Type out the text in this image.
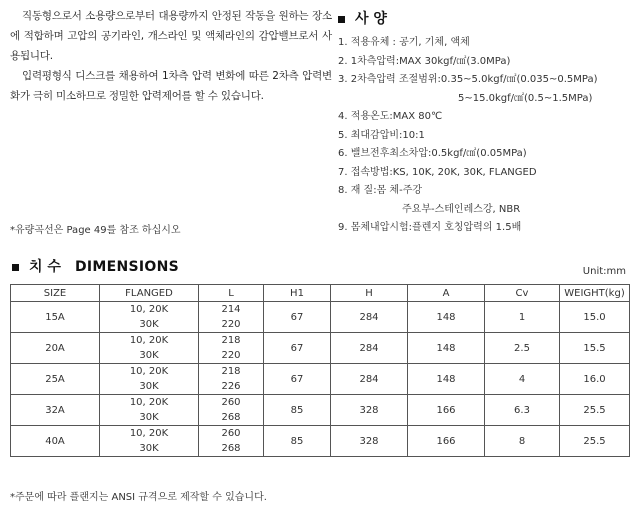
직동형으로서 소용량으로부터 대용량까지 안정된 작동을 원하는 장소에 적합하며 고압의 공기라인, 개스라인 및 액체라인의 감압밸브로서 사용됩니다.

입력평형식 디스크를 채용하여 1차측 압력 변화에 따른 2차측 압력변화가 극히 미소하므로 정밀한 압력제어를 할 수 있습니다.

*유량곡선은 Page 49를 참조 하십시오
사 양
1. 적용유체 : 공기, 기체, 액체
2. 1차측압력:MAX 30kgf/㎠(3.0MPa)
3. 2차측압력 조절범위:0.35~5.0kgf/㎠(0.035~0.5MPa)
5~15.0kgf/㎠(0.5~1.5MPa)
4. 적용온도:MAX 80℃
5. 최대감압비:10:1
6. 밸브전후최소차압:0.5kgf/㎠(0.05MPa)
7. 접속방법:KS, 10K, 20K, 30K, FLANGED
8. 재 질:몸 체-주강
주요부-스테인레스강, NBR
9. 몸체내압시험:플렌지 호칭압력의 1.5배
치 수 DIMENSIONS	Unit:mm
SIZE	FLANGED	L	H1	H	A	Cv	WEIGHT(kg)
15A	10, 20K	214	67	284	148	1	15.0
	30K	220					
20A	10, 20K	218	67	284	148	2.5	15.5
	30K	220					
25A	10, 20K	218	67	284	148	4	16.0
	30K	226					
32A	10, 20K	260	85	328	166	6.3	25.5
	30K	268					
40A	10, 20K	260	85	328	166	8	25.5
	30K	268					
*주문에 따라 플랜지는 ANSI 규격으로 제작할 수 있습니다.
